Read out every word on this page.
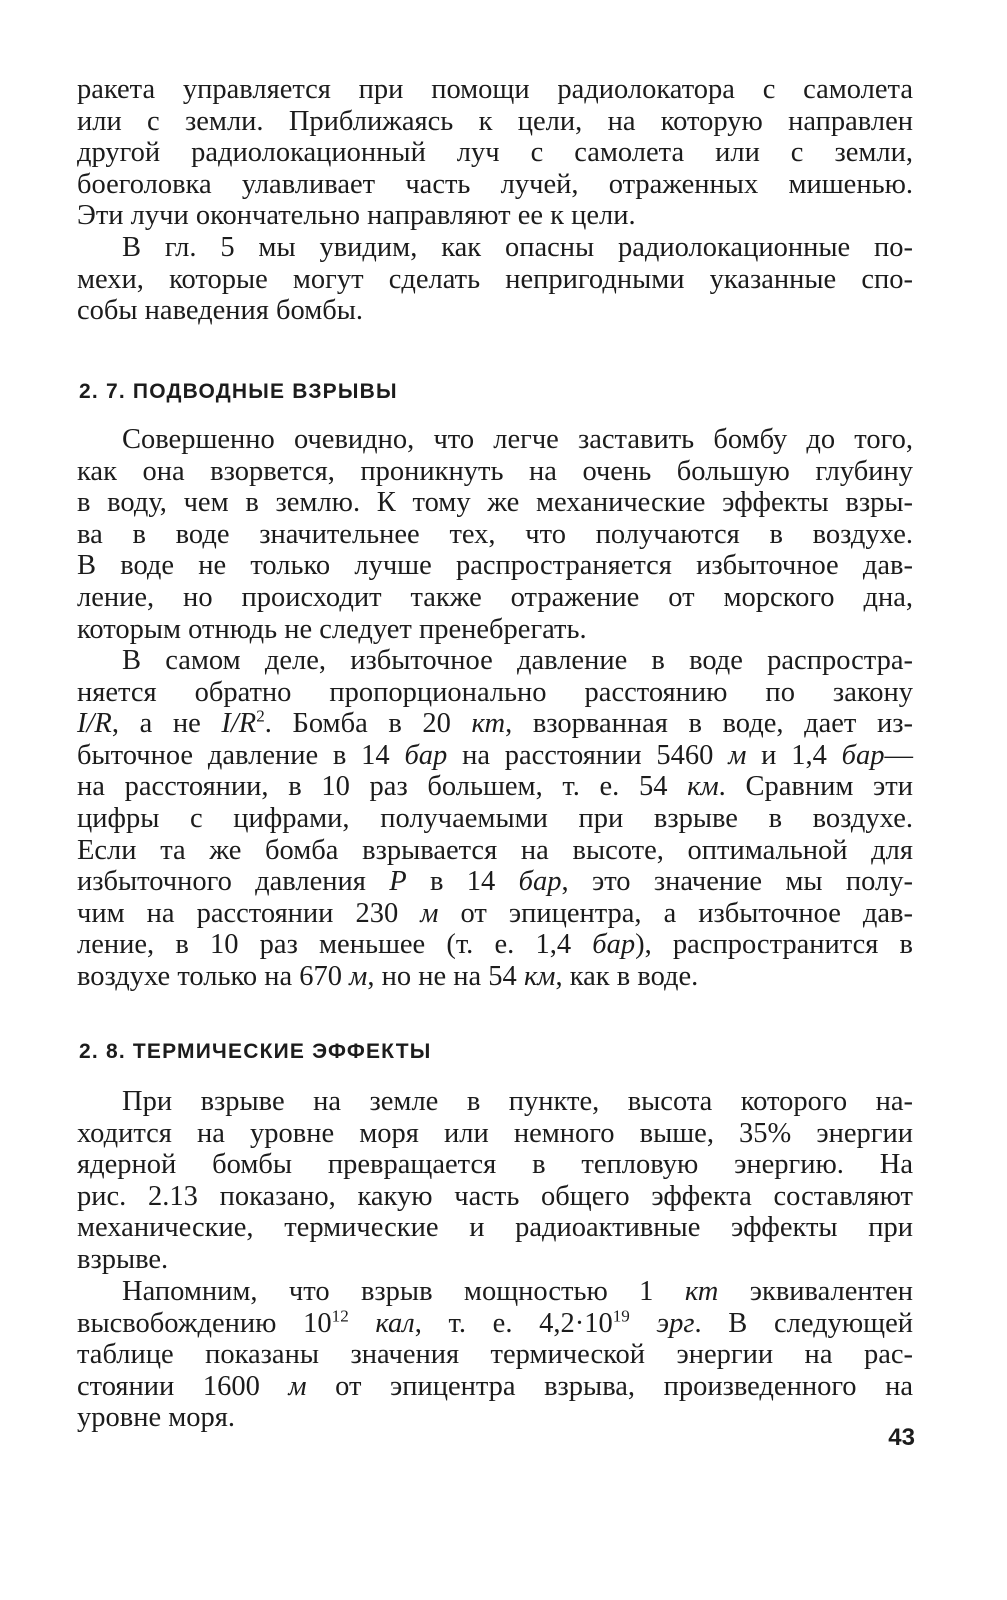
ракета управляется при помощи радиолокатора с самолета
или с земли. Приближаясь к цели, на которую направлен
другой радиолокационный луч с самолета или с земли,
боеголовка улавливает часть лучей, отраженных мишенью.
Эти лучи окончательно направляют ее к цели.
В гл. 5 мы увидим, как опасны радиолокационные по-
мехи, которые могут сделать непригодными указанные спо-
собы наведения бомбы.
2. 7. ПОДВОДНЫЕ ВЗРЫВЫ
Совершенно очевидно, что легче заставить бомбу до того,
как она взорвется, проникнуть на очень большую глубину
в воду, чем в землю. К тому же механические эффекты взры-
ва в воде значительнее тех, что получаются в воздухе.
В воде не только лучше распространяется избыточное дав-
ление, но происходит также отражение от морского дна,
которым отнюдь не следует пренебрегать.
В самом деле, избыточное давление в воде распростра-
няется обратно пропорционально расстоянию по закону
I/R, а не $I/R^2$. Бомба в 20 кт, взорванная в воде, дает из-
быточное давление в 14 бар на расстоянии 5460 м и 1,4 бар—
на расстоянии, в 10 раз большем, т. е. 54 км. Сравним эти
цифры с цифрами, получаемыми при взрыве в воздухе.
Если та же бомба взрывается на высоте, оптимальной для
избыточного давления P в 14 бар, это значение мы полу-
чим на расстоянии 230 м от эпицентра, а избыточное дав-
ление, в 10 раз меньшее (т. е. 1,4 бар), распространится в
воздухе только на 670 м, но не на 54 км, как в воде.
2. 8. ТЕРМИЧЕСКИЕ ЭФФЕКТЫ
При взрыве на земле в пункте, высота которого на-
ходится на уровне моря или немного выше, 35% энергии
ядерной бомбы превращается в тепловую энергию. На
рис. 2.13 показано, какую часть общего эффекта составляют
механические, термические и радиоактивные эффекты при
взрыве.
Напомним, что взрыв мощностью 1 кт эквивалентен
высвобождению $10^{12}$ кал, т. е. $4,2\cdot 10^{19}$ эрг. В следующей
таблице показаны значения термической энергии на рас-
стоянии 1600 м от эпицентра взрыва, произведенного на
уровне моря.
43
